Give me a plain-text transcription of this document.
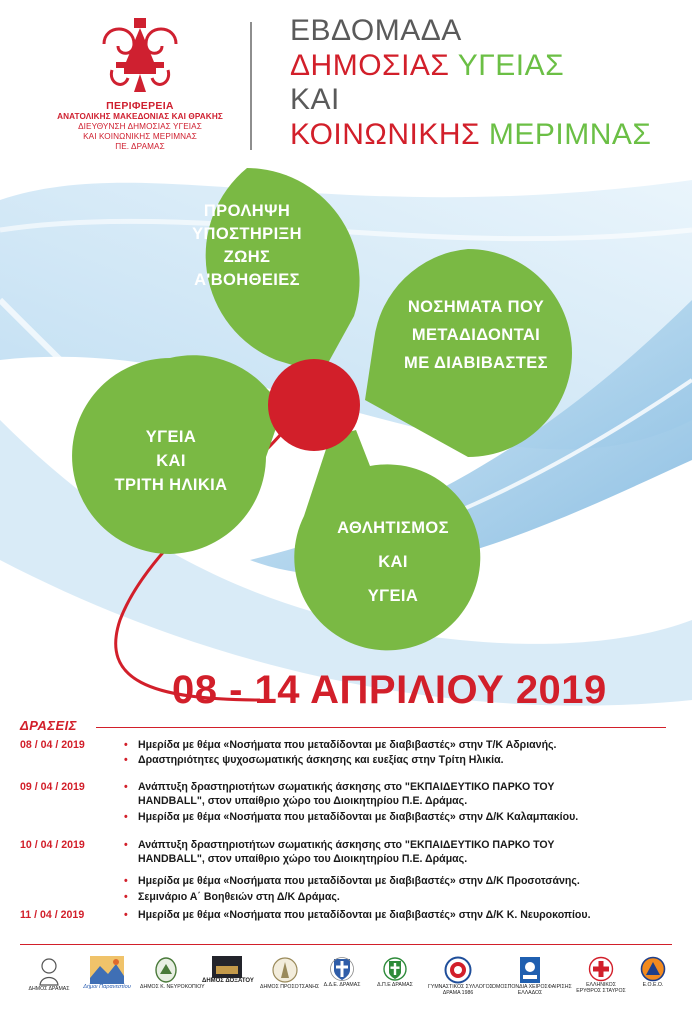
ΠΕΡΙΦΕΡΕΙΑ
ΑΝΑΤΟΛΙΚΗΣ ΜΑΚΕΔΟΝΙΑΣ ΚΑΙ ΘΡΑΚΗΣ
ΔΙΕΥΘΥΝΣΗ ΔΗΜΟΣΙΑΣ ΥΓΕΙΑΣ
ΚΑΙ ΚΟΙΝΩΝΙΚΗΣ ΜΕΡΙΜΝΑΣ
ΠΕ. ΔΡΑΜΑΣ
ΕΒΔΟΜΑΔΑ
ΔΗΜΟΣΙΑΣ ΥΓΕΙΑΣ
ΚΑΙ
ΚΟΙΝΩΝΙΚΗΣ ΜΕΡΙΜΝΑΣ
ΠΡΟΛΗΨΗ
ΥΠΟΣΤΗΡΙΞΗ
ΖΩΗΣ
Α'ΒΟΗΘΕΙΕΣ
ΝΟΣΗΜΑΤΑ ΠΟΥ
ΜΕΤΑΔΙΔΟΝΤΑΙ
ΜΕ ΔΙΑΒΙΒΑΣΤΕΣ
ΥΓΕΙΑ
ΚΑΙ
ΤΡΙΤΗ ΗΛΙΚΙΑ
ΑΘΛΗΤΙΣΜΟΣ
ΚΑΙ
ΥΓΕΙΑ
08 - 14 ΑΠΡΙΛΙΟΥ 2019
ΔΡΑΣΕΙΣ
08 / 04 / 2019	• Ημερίδα με θέμα «Νοσήματα που μεταδίδονται με διαβιβαστές» στην Τ/Κ Αδριανής.
• Δραστηριότητες ψυχοσωματικής άσκησης και ευεξίας στην Τρίτη Ηλικία.
09 / 04 / 2019	• Ανάπτυξη δραστηριοτήτων σωματικής άσκησης στο "ΕΚΠΑΙΔΕΥΤΙΚΟ ΠΑΡΚΟ ΤΟΥ
HANDBALL", στον υπαίθριο χώρο του Διοικητηρίου Π.Ε. Δράμας.
• Ημερίδα με θέμα «Νοσήματα που μεταδίδονται με διαβιβαστές» στην Δ/Κ Καλαμπακίου.
10 / 04 / 2019	• Ανάπτυξη δραστηριοτήτων σωματικής άσκησης στο "ΕΚΠΑΙΔΕΥΤΙΚΟ ΠΑΡΚΟ ΤΟΥ
HANDBALL", στον υπαίθριο χώρο του Διοικητηρίου Π.Ε. Δράμας.
• Ημερίδα με θέμα «Νοσήματα που μεταδίδονται με διαβιβαστές» στην Δ/Κ Προσοτσάνης.
• Σεμινάριο Α΄ Βοηθειών στη Δ/Κ Δράμας.
11 / 04 / 2019	• Ημερίδα με θέμα «Νοσήματα που μεταδίδονται με διαβιβαστές» στην Δ/Κ Κ. Νευροκοπίου.
ΔΗΜΟΣ ΔΡΑΜΑΣ	Δήμοι Παρανεστίου	ΔΗΜΟΣ Κ. ΝΕΥΡΟΚΟΠΙΟΥ
ΔΗΜΟΣ ΔΟΞΑΤΟΥ
ΔΗΜΟΣ ΠΡΟΣΟΤΣΑΝΗΣ Δ.Δ.Ε. ΔΡΑΜΑΣ	Δ.Π.Ε ΔΡΑΜΑΣ	ΓΥΜΝΑΣΤΙΚΟΣ ΣΥΛΛΟΓΟΣ
ΔΡΑΜΑ 1986
ΟΜΟΣΠΟΝΔΙΑ ΧΕΙΡΟΣΦΑΙΡΙΣΗΣ
ΕΛΛΑΔΟΣ
ΕΛΛΗΝΙΚΟΣ
ΕΡΥΘΡΟΣ ΣΤΑΥΡΟΣ
Ε.Ο.Ε.Ο.
